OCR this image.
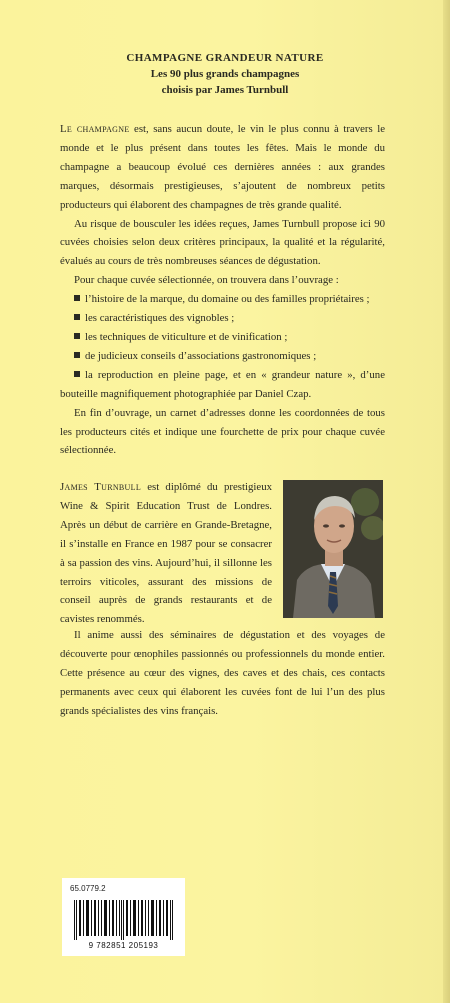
CHAMPAGNE GRANDEUR NATURE
Les 90 plus grands champagnes
choisis par James Turnbull

Le champagne est, sans aucun doute, le vin le plus connu à travers le monde et le plus présent dans toutes les fêtes. Mais le monde du champagne a beaucoup évolué ces dernières années : aux grandes marques, désormais prestigieuses, s’ajoutent de nombreux petits producteurs qui élaborent des champagnes de très grande qualité.

Au risque de bousculer les idées reçues, James Turnbull propose ici 90 cuvées choisies selon deux critères principaux, la qualité et la régularité, évalués au cours de très nombreuses séances de dégustation.

Pour chaque cuvée sélectionnée, on trouvera dans l’ouvrage :

l’histoire de la marque, du domaine ou des familles propriétaires ;

les caractéristiques des vignobles ;

les techniques de viticulture et de vinification ;

de judicieux conseils d’associations gastronomiques ;

la reproduction en pleine page, et en « grandeur nature », d’une bouteille magnifiquement photographiée par Daniel Czap.

En fin d’ouvrage, un carnet d’adresses donne les coordonnées de tous les producteurs cités et indique une fourchette de prix pour chaque cuvée sélectionnée.

James Turnbull est diplômé du prestigieux Wine & Spirit Education Trust de Londres. Après un début de carrière en Grande-Bretagne, il s’installe en France en 1987 pour se consacrer à sa passion des vins. Aujourd’hui, il sillonne les terroirs viticoles, assurant des missions de conseil auprès de grands restaurants et de cavistes renommés.

Il anime aussi des séminaires de dégustation et des voyages de découverte pour œnophiles passionnés ou professionnels du monde entier. Cette présence au cœur des vignes, des caves et des chais, ces contacts permanents avec ceux qui élaborent les cuvées font de lui l’un des plus grands spécialistes des vins français.

65.0779.2
9 782851 205193
